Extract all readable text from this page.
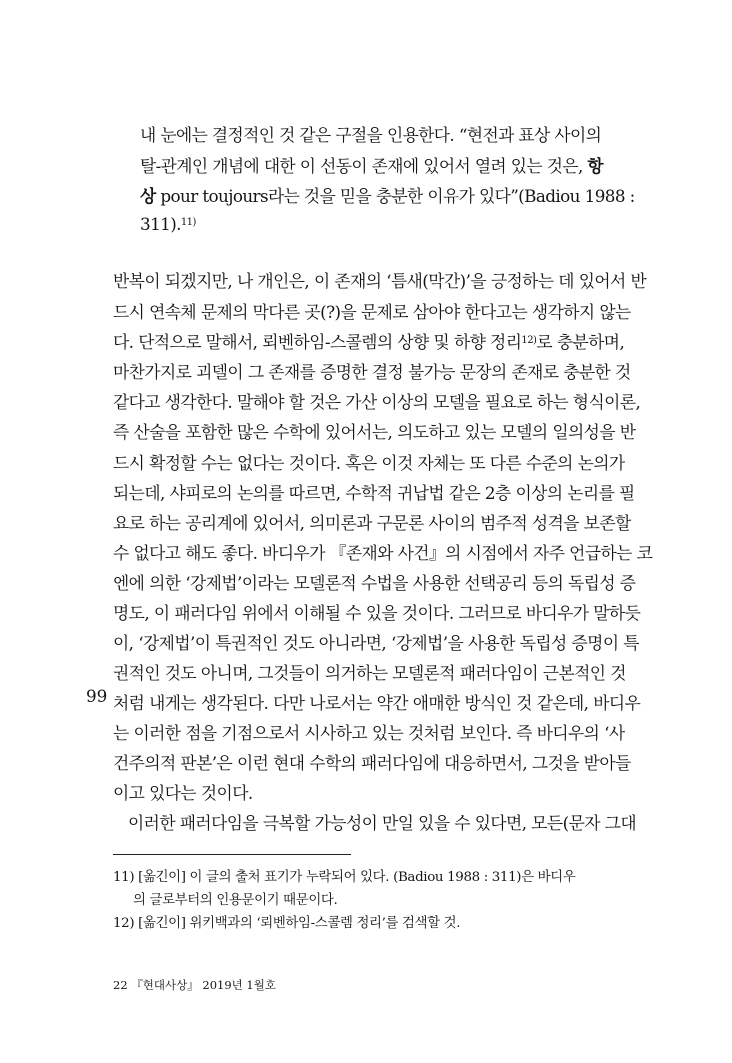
내 눈에는 결정적인 것 같은 구절을 인용한다. “현전과 표상 사이의
탈-관계인 개념에 대한 이 선동이 존재에 있어서 열려 있는 것은, 항
상 pour toujours라는 것을 믿을 충분한 이유가 있다”(Badiou 1988 :
311).$^{11)}$
반복이 되겠지만, 나 개인은, 이 존재의 ‘틈새(막간)’을 긍정하는 데 있어서 반
드시 연속체 문제의 막다른 곳(?)을 문제로 삼아야 한다고는 생각하지 않는
다. 단적으로 말해서, 뢰벤하임-스콜렘의 상향 및 하향 정리$^{12)}$로 충분하며,
마찬가지로 괴델이 그 존재를 증명한 결정 불가능 문장의 존재로 충분한 것
같다고 생각한다. 말해야 할 것은 가산 이상의 모델을 필요로 하는 형식이론,
즉 산술을 포함한 많은 수학에 있어서는, 의도하고 있는 모델의 일의성을 반
드시 확정할 수는 없다는 것이다. 혹은 이것 자체는 또 다른 수준의 논의가
되는데, 샤피로의 논의를 따르면, 수학적 귀납법 같은 2층 이상의 논리를 필
요로 하는 공리계에 있어서, 의미론과 구문론 사이의 범주적 성격을 보존할
수 없다고 해도 좋다. 바디우가 『존재와 사건』의 시점에서 자주 언급하는 코
엔에 의한 ‘강제법’이라는 모델론적 수법을 사용한 선택공리 등의 독립성 증
명도, 이 패러다임 위에서 이해될 수 있을 것이다. 그러므로 바디우가 말하듯
이, ‘강제법’이 특권적인 것도 아니라면, ‘강제법’을 사용한 독립성 증명이 특
권적인 것도 아니며, 그것들이 의거하는 모델론적 패러다임이 근본적인 것
처럼 내게는 생각된다. 다만 나로서는 약간 애매한 방식인 것 같은데, 바디우
는 이러한 점을 기점으로서 시사하고 있는 것처럼 보인다. 즉 바디우의 ‘사
건주의적 판본’은 이런 현대 수학의 패러다임에 대응하면서, 그것을 받아들
이고 있다는 것이다.
이러한 패러다임을 극복할 가능성이 만일 있을 수 있다면, 모든(문자 그대
99
11) [옮긴이] 이 글의 출처 표기가 누락되어 있다. (Badiou 1988 : 311)은 바디우
의 글로부터의 인용문이기 때문이다.
12) [옮긴이] 위키백과의 ‘뢰벤하임-스콜렘 정리’를 검색할 것.
22 『현대사상』 2019년 1월호
